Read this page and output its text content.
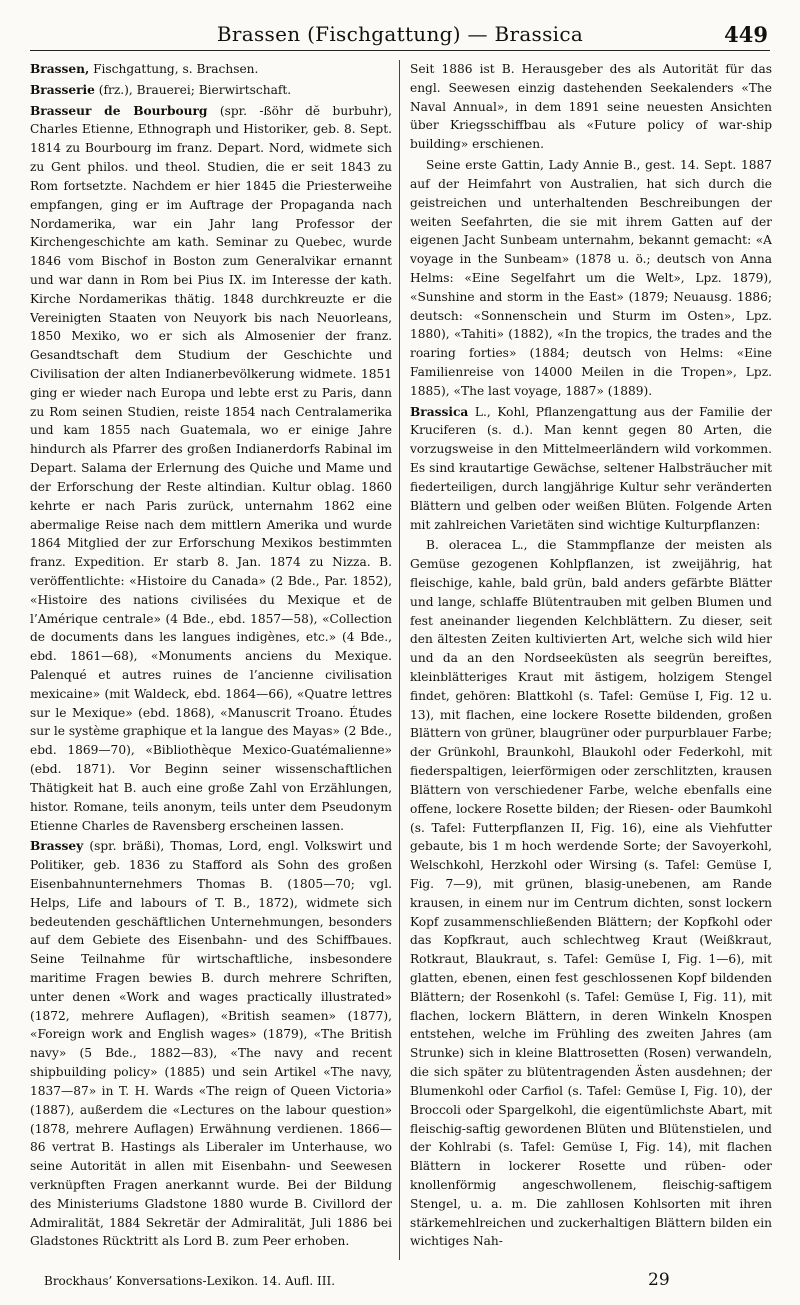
Brassen (Fischgattung) — Brassica	449

Brassen, Fischgattung, s. Brachsen.

Brasserie (frz.), Brauerei; Bierwirtschaft.

Brasseur de Bourbourg (spr. -ßöhr dĕ burbuhr), Charles Etienne, Ethnograph und Historiker, geb. 8. Sept. 1814 zu Bourbourg im franz. Depart. Nord, widmete sich zu Gent philos. und theol. Studien, die er seit 1843 zu Rom fortsetzte. Nachdem er hier 1845 die Priesterweihe empfangen, ging er im Auftrage der Propaganda nach Nordamerika, war ein Jahr lang Professor der Kirchengeschichte am kath. Seminar zu Quebec, wurde 1846 vom Bischof in Boston zum Generalvikar ernannt und war dann in Rom bei Pius IX. im Interesse der kath. Kirche Nordamerikas thätig. 1848 durchkreuzte er die Vereinigten Staaten von Neuyork bis nach Neuorleans, 1850 Mexiko, wo er sich als Almosenier der franz. Gesandtschaft dem Studium der Geschichte und Civilisation der alten Indianerbevölkerung widmete. 1851 ging er wieder nach Europa und lebte erst zu Paris, dann zu Rom seinen Studien, reiste 1854 nach Centralamerika und kam 1855 nach Guatemala, wo er einige Jahre hindurch als Pfarrer des großen Indianerdorfs Rabinal im Depart. Salama der Erlernung des Quiche und Mame und der Erforschung der Reste altindian. Kultur oblag. 1860 kehrte er nach Paris zurück, unternahm 1862 eine abermalige Reise nach dem mittlern Amerika und wurde 1864 Mitglied der zur Erforschung Mexikos bestimmten franz. Expedition. Er starb 8. Jan. 1874 zu Nizza. B. veröffentlichte: «Histoire du Canada» (2 Bde., Par. 1852), «Histoire des nations civilisées du Mexique et de l’Amérique centrale» (4 Bde., ebd. 1857—58), «Collection de documents dans les langues indigènes, etc.» (4 Bde., ebd. 1861—68), «Monuments anciens du Mexique. Palenqué et autres ruines de l’ancienne civilisation mexicaine» (mit Waldeck, ebd. 1864—66), «Quatre lettres sur le Mexique» (ebd. 1868), «Manuscrit Troano. Études sur le système graphique et la langue des Mayas» (2 Bde., ebd. 1869—70), «Bibliothèque Mexico-Guatémalienne» (ebd. 1871). Vor Beginn seiner wissenschaftlichen Thätigkeit hat B. auch eine große Zahl von Erzählungen, histor. Romane, teils anonym, teils unter dem Pseudonym Etienne Charles de Ravensberg erscheinen lassen.

Brassey (spr. bräßi), Thomas, Lord, engl. Volkswirt und Politiker, geb. 1836 zu Stafford als Sohn des großen Eisenbahnunternehmers Thomas B. (1805—70; vgl. Helps, Life and labours of T. B., 1872), widmete sich bedeutenden geschäftlichen Unternehmungen, besonders auf dem Gebiete des Eisenbahn- und des Schiffbaues. Seine Teilnahme für wirtschaftliche, insbesondere maritime Fragen bewies B. durch mehrere Schriften, unter denen «Work and wages practically illustrated» (1872, mehrere Auflagen), «British seamen» (1877), «Foreign work and English wages» (1879), «The British navy» (5 Bde., 1882—83), «The navy and recent shipbuilding policy» (1885) und sein Artikel «The navy, 1837—87» in T. H. Wards «The reign of Queen Victoria» (1887), außerdem die «Lectures on the labour question» (1878, mehrere Auflagen) Erwähnung verdienen. 1866—86 vertrat B. Hastings als Liberaler im Unterhause, wo seine Autorität in allen mit Eisenbahn- und Seewesen verknüpften Fragen anerkannt wurde. Bei der Bildung des Ministeriums Gladstone 1880 wurde B. Civillord der Admiralität, 1884 Sekretär der Admiralität, Juli 1886 bei Gladstones Rücktritt als Lord B. zum Peer erhoben.

Seit 1886 ist B. Herausgeber des als Autorität für das engl. Seewesen einzig dastehenden Seekalenders «The Naval Annual», in dem 1891 seine neuesten Ansichten über Kriegsschiffbau als «Future policy of war-ship building» erschienen.

Seine erste Gattin, Lady Annie B., gest. 14. Sept. 1887 auf der Heimfahrt von Australien, hat sich durch die geistreichen und unterhaltenden Beschreibungen der weiten Seefahrten, die sie mit ihrem Gatten auf der eigenen Jacht Sunbeam unternahm, bekannt gemacht: «A voyage in the Sunbeam» (1878 u. ö.; deutsch von Anna Helms: «Eine Segelfahrt um die Welt», Lpz. 1879), «Sunshine and storm in the East» (1879; Neuausg. 1886; deutsch: «Sonnenschein und Sturm im Osten», Lpz. 1880), «Tahiti» (1882), «In the tropics, the trades and the roaring forties» (1884; deutsch von Helms: «Eine Familienreise von 14000 Meilen in die Tropen», Lpz. 1885), «The last voyage, 1887» (1889).

Brassica L., Kohl, Pflanzengattung aus der Familie der Kruciferen (s. d.). Man kennt gegen 80 Arten, die vorzugsweise in den Mittelmeerländern wild vorkommen. Es sind krautartige Gewächse, seltener Halbsträucher mit fiederteiligen, durch langjährige Kultur sehr veränderten Blättern und gelben oder weißen Blüten. Folgende Arten mit zahlreichen Varietäten sind wichtige Kulturpflanzen:

B. oleracea L., die Stammpflanze der meisten als Gemüse gezogenen Kohlpflanzen, ist zweijährig, hat fleischige, kahle, bald grün, bald anders gefärbte Blätter und lange, schlaffe Blütentrauben mit gelben Blumen und fest aneinander liegenden Kelchblättern. Zu dieser, seit den ältesten Zeiten kultivierten Art, welche sich wild hier und da an den Nordseeküsten als seegrün bereiftes, kleinblätteriges Kraut mit ästigem, holzigem Stengel findet, gehören: Blattkohl (s. Tafel: Gemüse I, Fig. 12 u. 13), mit flachen, eine lockere Rosette bildenden, großen Blättern von grüner, blaugrüner oder purpurblauer Farbe; der Grünkohl, Braunkohl, Blaukohl oder Federkohl, mit fiederspaltigen, leierförmigen oder zerschlitzten, krausen Blättern von verschiedener Farbe, welche ebenfalls eine offene, lockere Rosette bilden; der Riesen- oder Baumkohl (s. Tafel: Futterpflanzen II, Fig. 16), eine als Viehfutter gebaute, bis 1 m hoch werdende Sorte; der Savoyerkohl, Welschkohl, Herzkohl oder Wirsing (s. Tafel: Gemüse I, Fig. 7—9), mit grünen, blasig-unebenen, am Rande krausen, in einem nur im Centrum dichten, sonst lockern Kopf zusammenschließenden Blättern; der Kopfkohl oder das Kopfkraut, auch schlechtweg Kraut (Weißkraut, Rotkraut, Blaukraut, s. Tafel: Gemüse I, Fig. 1—6), mit glatten, ebenen, einen fest geschlossenen Kopf bildenden Blättern; der Rosenkohl (s. Tafel: Gemüse I, Fig. 11), mit flachen, lockern Blättern, in deren Winkeln Knospen entstehen, welche im Frühling des zweiten Jahres (am Strunke) sich in kleine Blattrosetten (Rosen) verwandeln, die sich später zu blütentragenden Ästen ausdehnen; der Blumenkohl oder Carfiol (s. Tafel: Gemüse I, Fig. 10), der Broccoli oder Spargelkohl, die eigentümlichste Abart, mit fleischig-saftig gewordenen Blüten und Blütenstielen, und der Kohlrabi (s. Tafel: Gemüse I, Fig. 14), mit flachen Blättern in lockerer Rosette und rüben- oder knollenförmig angeschwollenem, fleischig-saftigem Stengel, u. a. m. Die zahllosen Kohlsorten mit ihren stärkemehlreichen und zuckerhaltigen Blättern bilden ein wichtiges Nah-

Brockhaus’ Konversations-Lexikon. 14. Aufl. III.	29
